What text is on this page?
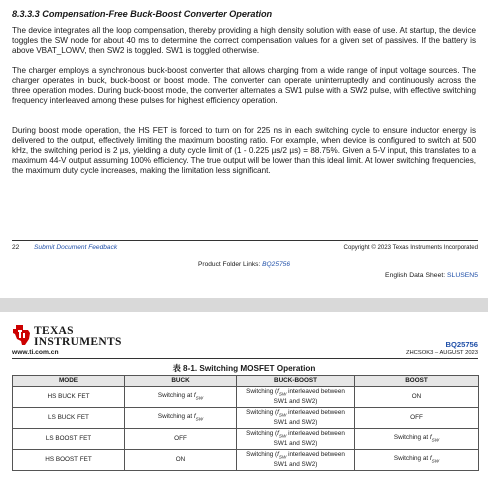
8.3.3.3 Compensation-Free Buck-Boost Converter Operation
The device integrates all the loop compensation, thereby providing a high density solution with ease of use. At startup, the device toggles the SW node for about 40 ms to determine the correct compensation values for a given set of passives. If the battery is above VBAT_LOWV, then SW2 is toggled. SW1 is toggled otherwise.
The charger employs a synchronous buck-boost converter that allows charging from a wide range of input voltage sources. The charger operates in buck, buck-boost or boost mode. The converter can operate uninterruptedly and continuously across the three operation modes. During buck-boost mode, the converter alternates a SW1 pulse with a SW2 pulse, with effective switching frequency interleaved among these pulses for highest efficiency operation.
During boost mode operation, the HS FET is forced to turn on for 225 ns in each switching cycle to ensure inductor energy is delivered to the output, effectively limiting the maximum boosting ratio. For example, when device is configured to switch at 500 kHz, the switching period is 2 µs, yielding a duty cycle limit of (1 - 0.225 µs/2 µs) = 88.75%. Given a 5-V input, this translates to a maximum 44-V output assuming 100% efficiency. The true output will be lower than this ideal limit. At lower switching frequencies, the maximum duty cycle increases, making the limitation less significant.
22 Submit Document Feedback	Copyright © 2023 Texas Instruments Incorporated
Product Folder Links: BQ25756
English Data Sheet: SLUSEN5
TEXAS
INSTRUMENTS
www.ti.com.cn
BQ25756
ZHCSOK3 – AUGUST 2023
表 8-1. Switching MOSFET Operation
MODE	BUCK	BUCK-BOOST	BOOST
HS BUCK FET	Switching at $f_{SW}$	Switching ($f_{SW}$ interleaved between SW1 and SW2)	ON
LS BUCK FET	Switching at $f_{SW}$	Switching ($f_{SW}$ interleaved between SW1 and SW2)	OFF
LS BOOST FET	OFF	Switching ($f_{SW}$ interleaved between SW1 and SW2)	Switching at $f_{SW}$
HS BOOST FET	ON	Switching ($f_{SW}$ interleaved between SW1 and SW2)	Switching at $f_{SW}$
